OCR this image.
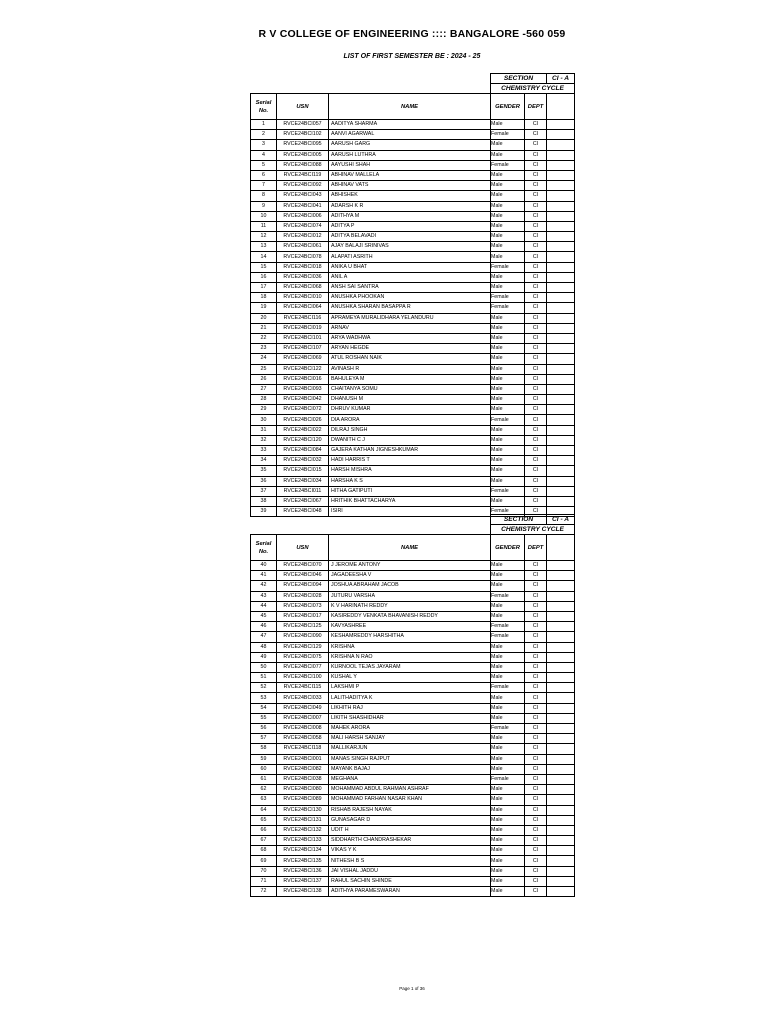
R V COLLEGE OF ENGINEERING :::: BANGALORE -560 059
LIST OF FIRST SEMESTER BE : 2024 - 25
			SECTION		CI - A
			CHEMISTRY CYCLE		
Serial No.	USN	NAME	GENDER	DEPT	
1	RVCE24BCI057	AADITYA SHARMA	Male	CI	
2	RVCE24BCI102	AANVI AGARWAL	Female	CI	
3	RVCE24BCI095	AARUSH GARG	Male	CI	
4	RVCE24BCI005	AARUSH LUTHRA	Male	CI	
5	RVCE24BCI088	AAYUSHI SHAH	Female	CI	
6	RVCE24BCI119	ABHINAV MALLELA	Male	CI	
7	RVCE24BCI092	ABHINAV VATS	Male	CI	
8	RVCE24BCI043	ABHISHEK	Male	CI	
9	RVCE24BCI041	ADARSH K R	Male	CI	
10	RVCE24BCI006	ADITHYA M	Male	CI	
11	RVCE24BCI074	ADITYA P	Male	CI	
12	RVCE24BCI012	ADITYA BELAVADI	Male	CI	
13	RVCE24BCI061	AJAY BALAJI SRINIVAS	Male	CI	
14	RVCE24BCI078	ALAPATI ASRITH	Male	CI	
15	RVCE24BCI018	ANIKA U BHAT	Female	CI	
16	RVCE24BCI036	ANIL A	Male	CI	
17	RVCE24BCI068	ANSH SAI SANTRA	Male	CI	
18	RVCE24BCI010	ANUSHKA PHOOKAN	Female	CI	
19	RVCE24BCI064	ANUSHKA SHARAN BASAPPA R	Female	CI	
20	RVCE24BCI116	APRAMEYA MURALIDHARA YELANDURU	Male	CI	
21	RVCE24BCI019	ARNAV	Male	CI	
22	RVCE24BCI101	ARYA WADHWA	Male	CI	
23	RVCE24BCI107	ARYAN HEGDE	Male	CI	
24	RVCE24BCI069	ATUL ROSHAN NAIK	Male	CI	
25	RVCE24BCI122	AVINASH R	Male	CI	
26	RVCE24BCI016	BAHULEYA M	Male	CI	
27	RVCE24BCI093	CHAITANYA SOMU	Male	CI	
28	RVCE24BCI042	DHANUSH M	Male	CI	
29	RVCE24BCI072	DHRUV KUMAR	Male	CI	
30	RVCE24BCI026	DIA ARORA	Female	CI	
31	RVCE24BCI022	DILRAJ SINGH	Male	CI	
32	RVCE24BCI120	DWANITH C J	Male	CI	
33	RVCE24BCI084	GAJERA KATHAN JIGNESHKUMAR	Male	CI	
34	RVCE24BCI032	HADI HARRIS T	Male	CI	
35	RVCE24BCI015	HARSH MISHRA	Male	CI	
36	RVCE24BCI034	HARSHA K S	Male	CI	
37	RVCE24BCI011	HITHA GATIPUTI	Female	CI	
38	RVCE24BCI067	HRITHIK BHATTACHARYA	Male	CI	
39	RVCE24BCI048	ISIRI	Female	CI	
			SECTION		CI - A
			CHEMISTRY CYCLE		
Serial No.	USN	NAME	GENDER	DEPT	
40	RVCE24BCI070	J JEROME ANTONY	Male	CI	
41	RVCE24BCI046	JAGADEESHA V	Male	CI	
42	RVCE24BCI094	JOSHUA ABRAHAM JACOB	Male	CI	
43	RVCE24BCI028	JUTURU VARSHA	Female	CI	
44	RVCE24BCI073	K V HARINATH REDDY	Male	CI	
45	RVCE24BCI017	KASIREDDY VENKATA BHAVANISH REDDY	Male	CI	
46	RVCE24BCI125	KAVYASHREE	Female	CI	
47	RVCE24BCI090	KESHAMREDDY HARSHITHA	Female	CI	
48	RVCE24BCI129	KRISHNA	Male	CI	
49	RVCE24BCI075	KRISHNA N RAO	Male	CI	
50	RVCE24BCI077	KURNOOL TEJAS JAYARAM	Male	CI	
51	RVCE24BCI100	KUSHAL Y	Male	CI	
52	RVCE24BCI115	LAKSHMI P	Female	CI	
53	RVCE24BCI033	LALITHADITYA K	Male	CI	
54	RVCE24BCI049	LIKHITH RAJ	Male	CI	
55	RVCE24BCI007	LIKITH SHASHIDHAR	Male	CI	
56	RVCE24BCI008	MAHEK ARORA	Female	CI	
57	RVCE24BCI058	MALI HARSH SANJAY	Male	CI	
58	RVCE24BCI118	MALLIKARJUN	Male	CI	
59	RVCE24BCI001	MANAS SINGH RAJPUT	Male	CI	
60	RVCE24BCI082	MAYANK BAJAJ	Male	CI	
61	RVCE24BCI038	MEGHANA	Female	CI	
62	RVCE24BCI080	MOHAMMAD ABDUL RAHMAN ASHRAF	Male	CI	
63	RVCE24BCI089	MOHAMMAD FARHAN NASAR KHAN	Male	CI	
64	RVCE24BCI130	RISHAB RAJESH NAYAK	Male	CI	
65	RVCE24BCI131	GUNASAGAR D	Male	CI	
66	RVCE24BCI132	UDIT H	Male	CI	
67	RVCE24BCI133	SIDDHARTH CHANDRASHEKAR	Male	CI	
68	RVCE24BCI134	VIKAS Y K	Male	CI	
69	RVCE24BCI135	NITHESH B S	Male	CI	
70	RVCE24BCI136	JAI VISHAL JADDU	Male	CI	
71	RVCE24BCI137	RAHUL SACHIN SHINDE	Male	CI	
72	RVCE24BCI138	ADITHYA PARAMESWARAN	Male	CI	
Page 1 of 36
